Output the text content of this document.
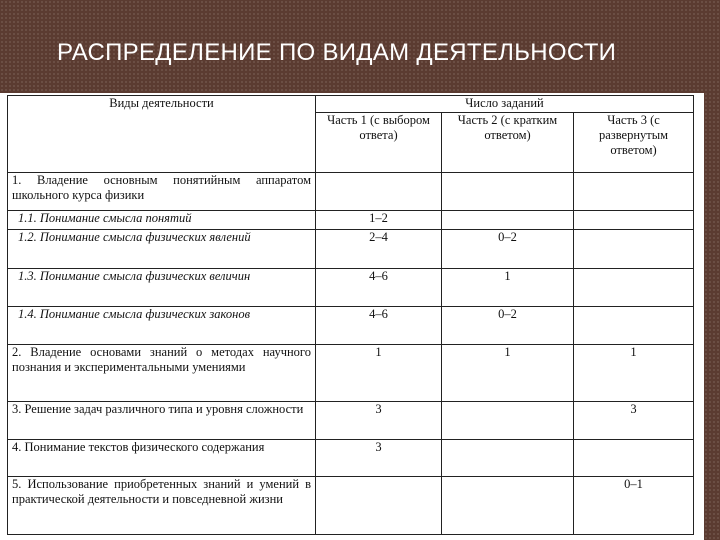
РАСПРЕДЕЛЕНИЕ ПО ВИДАМ ДЕЯТЕЛЬНОСТИ
Виды деятельности	Число заданий		
	Часть 1 (с выбором ответа)	Часть 2 (с кратким ответом)	Часть 3 (с развернутым ответом)
1. Владение основным понятийным аппаратом школьного курса физики			
1.1. Понимание смысла понятий	1–2		
1.2. Понимание смысла физических явлений	2–4	0–2	
1.3. Понимание смысла физических величин	4–6	1	
1.4. Понимание смысла физических законов	4–6	0–2	
2. Владение основами знаний о методах научного познания и экспериментальными умениями	1	1	1
3. Решение задач различного типа и уровня сложности	3		3
4. Понимание текстов физического содержания	3		
5. Использование приобретенных знаний и умений в практической деятельности и повседневной жизни			0–1
